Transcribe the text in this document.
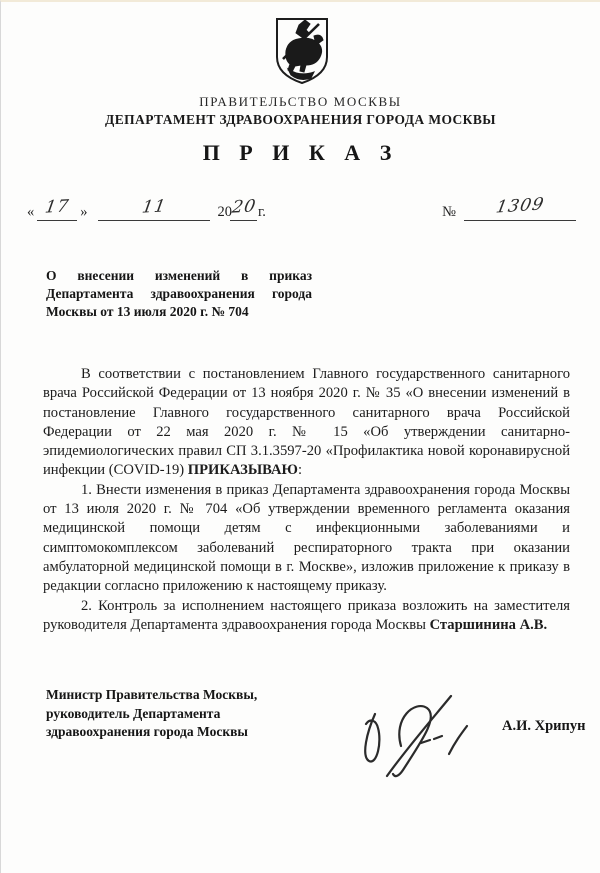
ПРАВИТЕЛЬСТВО МОСКВЫ
ДЕПАРТАМЕНТ ЗДРАВООХРАНЕНИЯ ГОРОДА МОСКВЫ
П Р И К А З
« 17 »	11	20
20 г.	№	1309
О внесении изменений в приказ
Департамента здравоохранения города
Москвы от 13 июля 2020 г. № 704

В соответствии с постановлением Главного государственного санитарного врача Российской Федерации от 13 ноября 2020 г. № 35 «О внесении изменений в постановление Главного государственного санитарного врача Российской Федерации от 22 мая 2020 г. № 15 «Об утверждении санитарно-эпидемиологических правил СП 3.1.3597-20 «Профилактика новой коронавирусной инфекции (COVID-19) ПРИКАЗЫВАЮ:

1. Внести изменения в приказ Департамента здравоохранения города Москвы от 13 июля 2020 г. № 704 «Об утверждении временного регламента оказания медицинской помощи детям с инфекционными заболеваниями и симптомокомплексом заболеваний респираторного тракта при оказании амбулаторной медицинской помощи в г. Москве», изложив приложение к приказу в редакции согласно приложению к настоящему приказу.

2. Контроль за исполнением настоящего приказа возложить на заместителя руководителя Департамента здравоохранения города Москвы Старшинина А.В.

Министр Правительства Москвы,
руководитель Департамента
здравоохранения города Москвы	А.И. Хрипун
